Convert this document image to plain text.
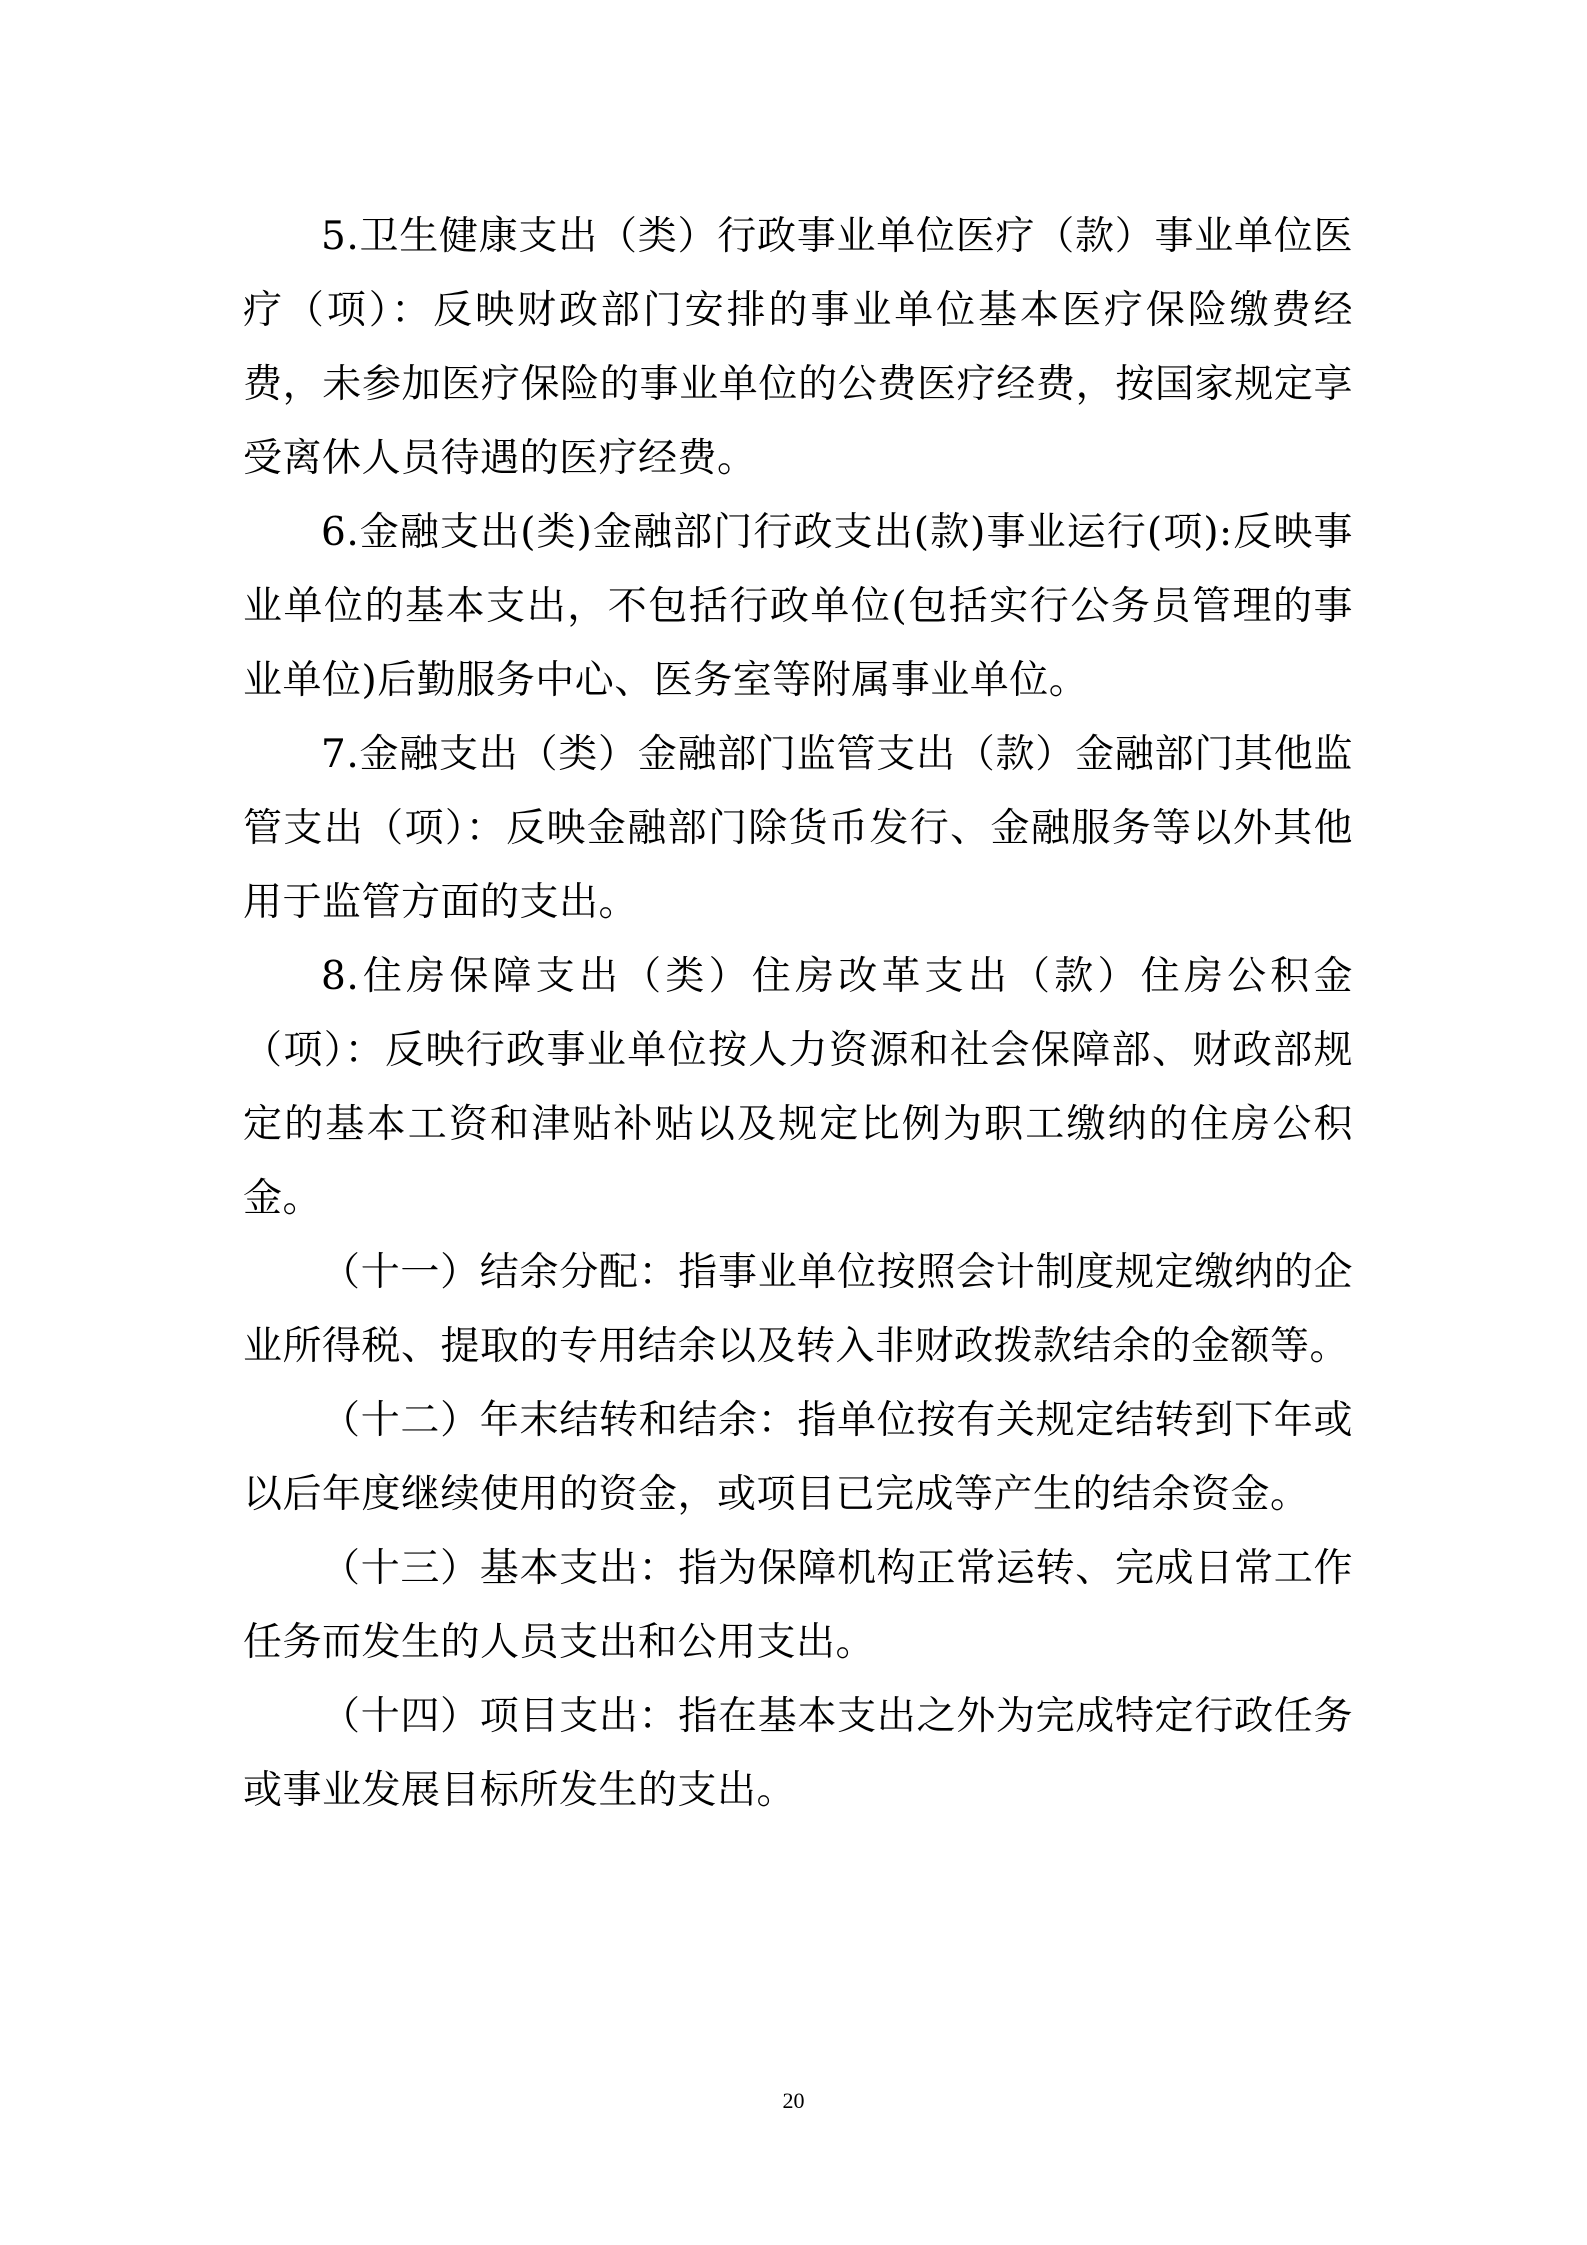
5.卫生健康支出（类）行政事业单位医疗（款）事业单位医疗（项）：反映财政部门安排的事业单位基本医疗保险缴费经费，未参加医疗保险的事业单位的公费医疗经费，按国家规定享受离休人员待遇的医疗经费。

6.金融支出(类)金融部门行政支出(款)事业运行(项):反映事业单位的基本支出，不包括行政单位(包括实行公务员管理的事业单位)后勤服务中心、医务室等附属事业单位。

7.金融支出（类）金融部门监管支出（款）金融部门其他监管支出（项）：反映金融部门除货币发行、金融服务等以外其他用于监管方面的支出。

8.住房保障支出（类）住房改革支出（款）住房公积金（项）：反映行政事业单位按人力资源和社会保障部、财政部规定的基本工资和津贴补贴以及规定比例为职工缴纳的住房公积金。

（十一）结余分配：指事业单位按照会计制度规定缴纳的企业所得税、提取的专用结余以及转入非财政拨款结余的金额等。

（十二）年末结转和结余：指单位按有关规定结转到下年或以后年度继续使用的资金，或项目已完成等产生的结余资金。

（十三）基本支出：指为保障机构正常运转、完成日常工作任务而发生的人员支出和公用支出。

（十四）项目支出：指在基本支出之外为完成特定行政任务或事业发展目标所发生的支出。

20
